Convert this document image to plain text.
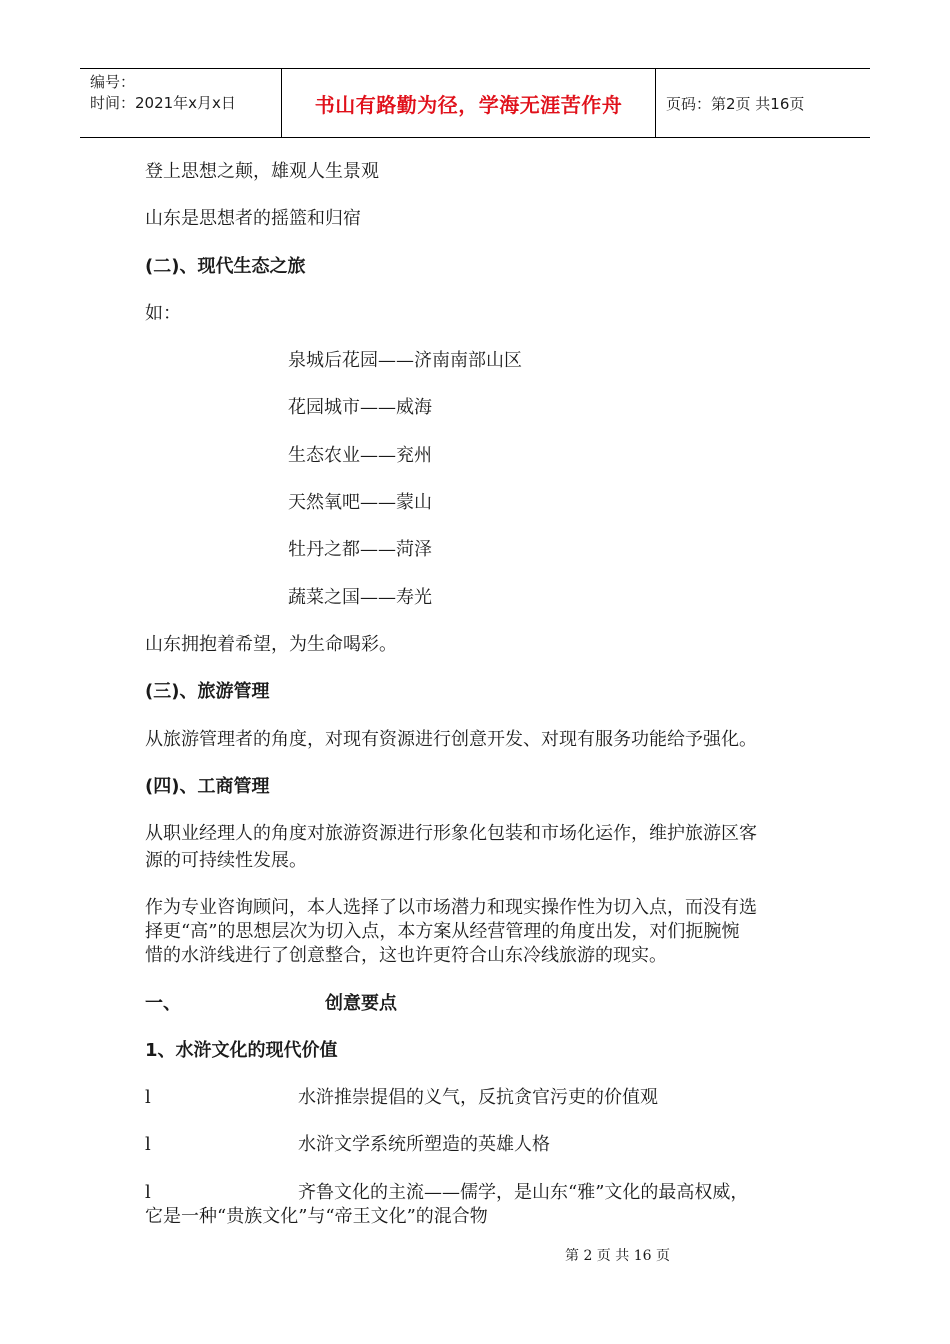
编号：
时间：2021年x月x日	书山有路勤为径，学海无涯苦作舟	页码：第2页 共16页
登上思想之颠，雄观人生景观
山东是思想者的摇篮和归宿
(二)、现代生态之旅
如：
泉城后花园——济南南部山区
花园城市——威海
生态农业——兖州
天然氧吧——蒙山
牡丹之都——菏泽
蔬菜之国——寿光
山东拥抱着希望，为生命喝彩。
(三)、旅游管理
从旅游管理者的角度，对现有资源进行创意开发、对现有服务功能给予强化。
(四)、工商管理
从职业经理人的角度对旅游资源进行形象化包装和市场化运作，维护旅游区客
源的可持续性发展。
作为专业咨询顾问，本人选择了以市场潜力和现实操作性为切入点，而没有选
择更“高”的思想层次为切入点，本方案从经营管理的角度出发，对们扼腕惋
惜的水浒线进行了创意整合，这也许更符合山东冷线旅游的现实。
一、	创意要点
1、水浒文化的现代价值
l	水浒推崇提倡的义气，反抗贪官污吏的价值观
l	水浒文学系统所塑造的英雄人格
l	齐鲁文化的主流——儒学，是山东“雅”文化的最高权威，
它是一种“贵族文化”与“帝王文化”的混合物
第 2 页 共 16 页
